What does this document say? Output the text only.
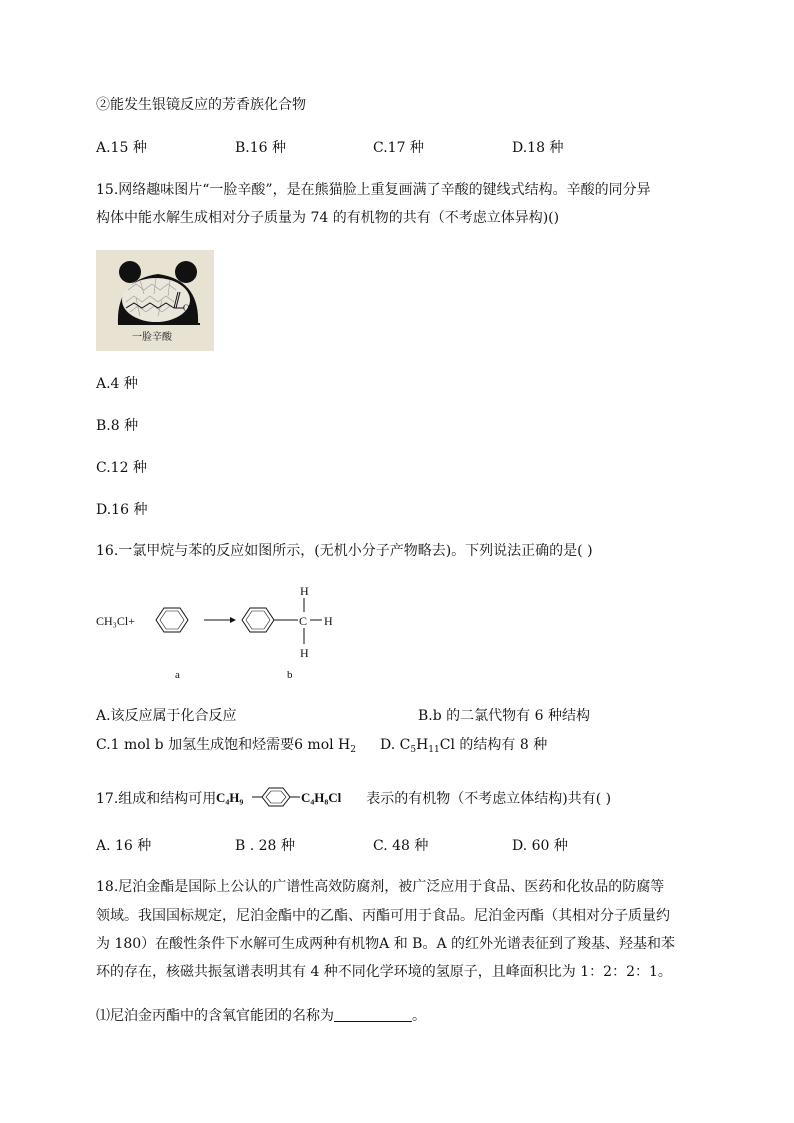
②能发生银镜反应的芳香族化合物
A.15 种	B.16 种	C.17 种	D.18 种
15.网络趣味图片“一脸辛酸”，是在熊猫脸上重复画满了辛酸的键线式结构。辛酸的同分异
构体中能水解生成相对分子质量为 74 的有机物的共有（不考虑立体异构)()
OH
一脸辛酸
A.4 种
B.8 种
C.12 种
D.16 种
16.一氯甲烷与苯的反应如图所示，(无机小分子产物略去)。下列说法正确的是( )
CH₃Cl+	C H
H
H
a	b
A.该反应属于化合反应	B.b 的二氯代物有 6 种结构
C.1 mol b 加氢生成饱和烃需要6 mol $H_2$ D. $C_5H_{11}Cl$ 的结构有 8 种
17.组成和结构可用 C₄H₉	C₄H₈Cl 表示的有机物（不考虑立体结构)共有( )
A. 16 种	B . 28 种	C. 48 种	D. 60 种
18.尼泊金酯是国际上公认的广谱性高效防腐剂，被广泛应用于食品、医药和化妆品的防腐等
领域。我国国标规定，尼泊金酯中的乙酯、丙酯可用于食品。尼泊金丙酯（其相对分子质量约
为 180）在酸性条件下水解可生成两种有机物A 和 B。A 的红外光谱表征到了羧基、羟基和苯
环的存在，核磁共振氢谱表明其有 4 种不同化学环境的氢原子，且峰面积比为 1：2：2：1。
⑴尼泊金丙酯中的含氧官能团的名称为	。
